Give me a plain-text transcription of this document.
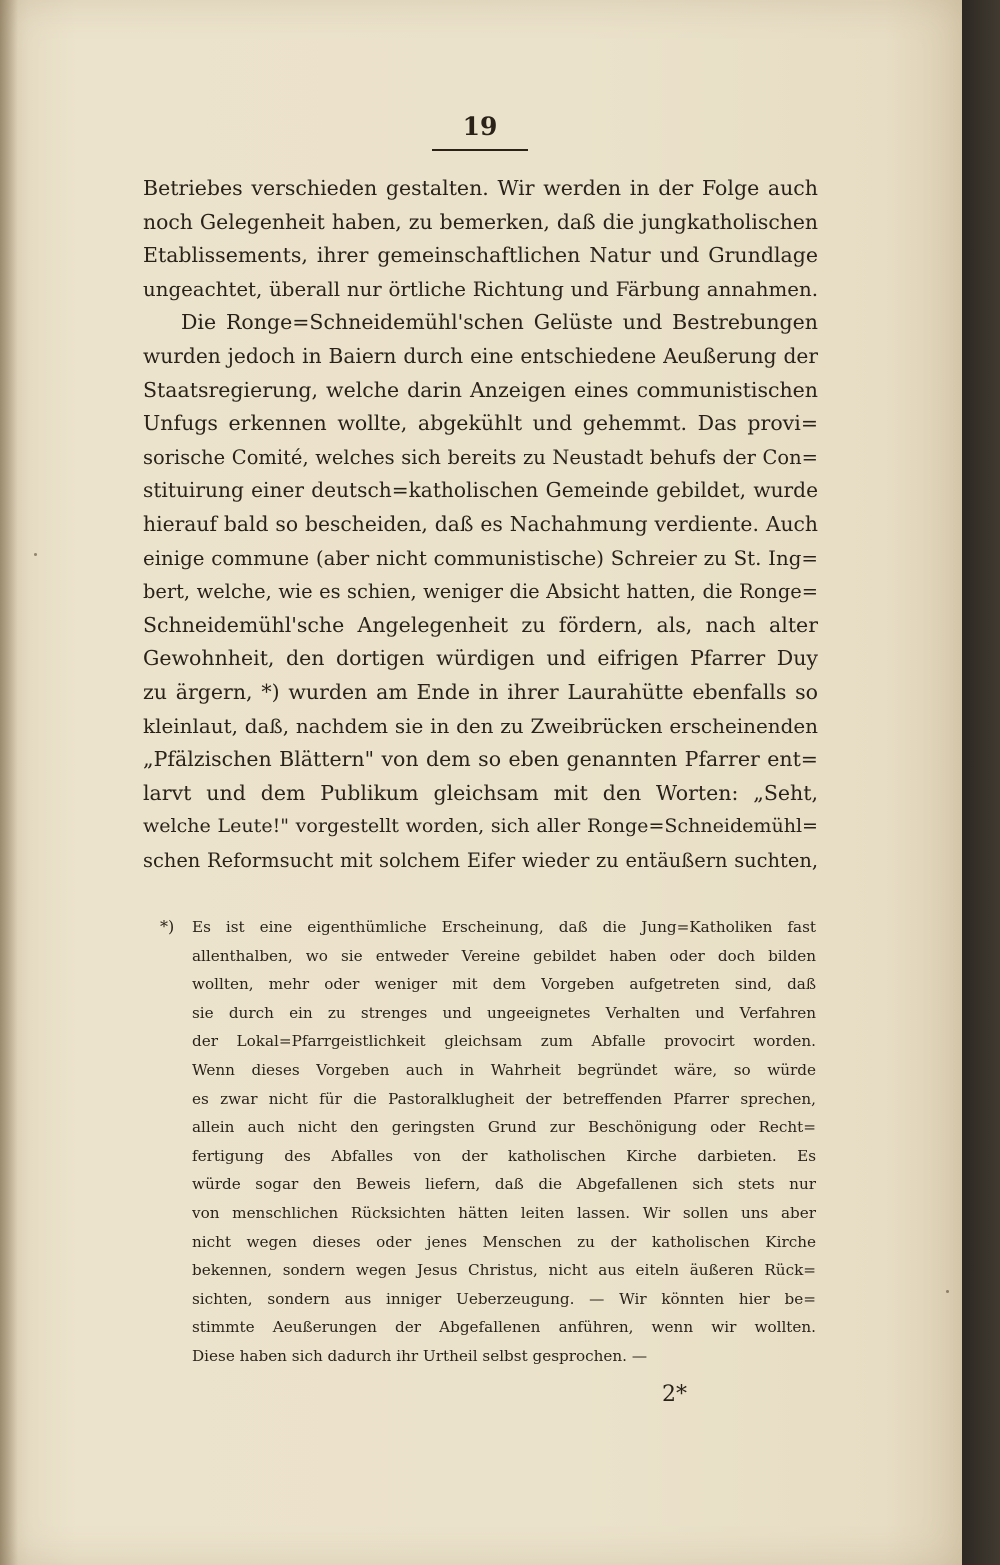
19
Betriebes verschieden gestalten. Wir werden in der Folge auch
noch Gelegenheit haben, zu bemerken, daß die jungkatholischen
Etablissements, ihrer gemeinschaftlichen Natur und Grundlage
ungeachtet, überall nur örtliche Richtung und Färbung annahmen.
Die Ronge=Schneidemühl'schen Gelüste und Bestrebungen
wurden jedoch in Baiern durch eine entschiedene Aeußerung der
Staatsregierung, welche darin Anzeigen eines communistischen
Unfugs erkennen wollte, abgekühlt und gehemmt. Das provi=
sorische Comité, welches sich bereits zu Neustadt behufs der Con=
stituirung einer deutsch=katholischen Gemeinde gebildet, wurde
hierauf bald so bescheiden, daß es Nachahmung verdiente. Auch
einige commune (aber nicht communistische) Schreier zu St. Ing=
bert, welche, wie es schien, weniger die Absicht hatten, die Ronge=
Schneidemühl'sche Angelegenheit zu fördern, als, nach alter
Gewohnheit, den dortigen würdigen und eifrigen Pfarrer Duy
zu ärgern, *) wurden am Ende in ihrer Laurahütte ebenfalls so
kleinlaut, daß, nachdem sie in den zu Zweibrücken erscheinenden
„Pfälzischen Blättern" von dem so eben genannten Pfarrer ent=
larvt und dem Publikum gleichsam mit den Worten: „Seht,
welche Leute!" vorgestellt worden, sich aller Ronge=Schneidemühl=
schen Reformsucht mit solchem Eifer wieder zu entäußern suchten,
*) Es ist eine eigenthümliche Erscheinung, daß die Jung=Katholiken fast
allenthalben, wo sie entweder Vereine gebildet haben oder doch bilden
wollten, mehr oder weniger mit dem Vorgeben aufgetreten sind, daß
sie durch ein zu strenges und ungeeignetes Verhalten und Verfahren
der Lokal=Pfarrgeistlichkeit gleichsam zum Abfalle provocirt worden.
Wenn dieses Vorgeben auch in Wahrheit begründet wäre, so würde
es zwar nicht für die Pastoralklugheit der betreffenden Pfarrer sprechen,
allein auch nicht den geringsten Grund zur Beschönigung oder Recht=
fertigung des Abfalles von der katholischen Kirche darbieten. Es
würde sogar den Beweis liefern, daß die Abgefallenen sich stets nur
von menschlichen Rücksichten hätten leiten lassen. Wir sollen uns aber
nicht wegen dieses oder jenes Menschen zu der katholischen Kirche
bekennen, sondern wegen Jesus Christus, nicht aus eiteln äußeren Rück=
sichten, sondern aus inniger Ueberzeugung. — Wir könnten hier be=
stimmte Aeußerungen der Abgefallenen anführen, wenn wir wollten.
Diese haben sich dadurch ihr Urtheil selbst gesprochen. —
2*
